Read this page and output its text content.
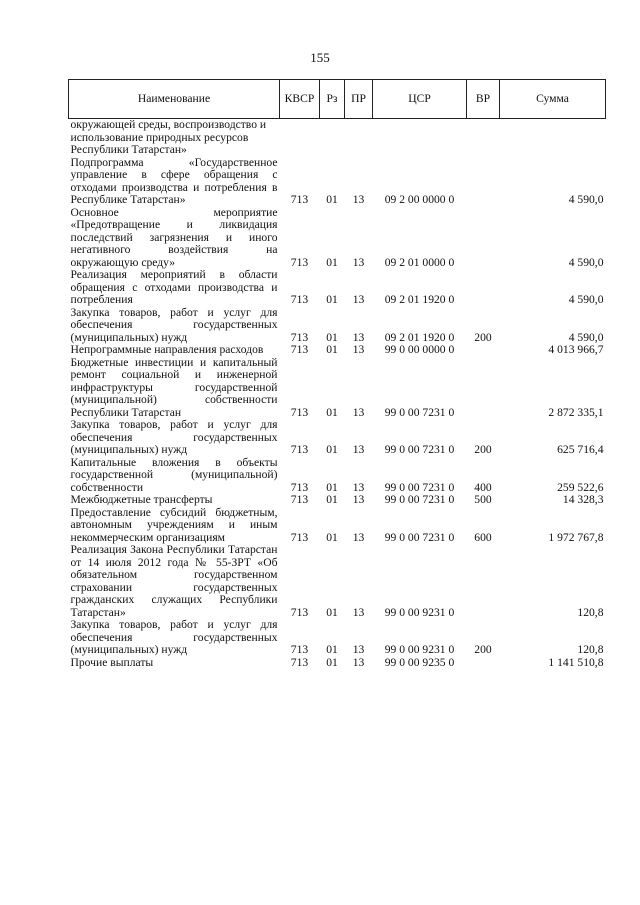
155
Наименование	КВСР	Рз	ПР	ЦСР	ВР	Сумма
окружающей среды, воспроизводство и использование природных ресурсов Республики Татарстан»						
Подпрограмма «Государственное управление в сфере обращения с отходами производства и потребления в Республике Татарстан»	713	01	13	09 2 00 0000 0		4 590,0
Основное мероприятие «Предотвращение и ликвидация последствий загрязнения и иного негативного воздействия на окружающую среду»	713	01	13	09 2 01 0000 0		4 590,0
Реализация мероприятий в области обращения с отходами производства и потребления	713	01	13	09 2 01 1920 0		4 590,0
Закупка товаров, работ и услуг для обеспечения государственных (муниципальных) нужд	713	01	13	09 2 01 1920 0	200	4 590,0
Непрограммные направления расходов	713	01	13	99 0 00 0000 0		4 013 966,7
Бюджетные инвестиции и капитальный ремонт социальной и инженерной инфраструктуры государственной (муниципальной) собственности Республики Татарстан	713	01	13	99 0 00 7231 0		2 872 335,1
Закупка товаров, работ и услуг для обеспечения государственных (муниципальных) нужд	713	01	13	99 0 00 7231 0	200	625 716,4
Капитальные вложения в объекты государственной (муниципальной) собственности	713	01	13	99 0 00 7231 0	400	259 522,6
Межбюджетные трансферты	713	01	13	99 0 00 7231 0	500	14 328,3
Предоставление субсидий бюджетным, автономным учреждениям и иным некоммерческим организациям	713	01	13	99 0 00 7231 0	600	1 972 767,8
Реализация Закона Республики Татарстан от 14 июля 2012 года № 55-ЗРТ «Об обязательном государственном страховании государственных гражданских служащих Республики Татарстан»	713	01	13	99 0 00 9231 0		120,8
Закупка товаров, работ и услуг для обеспечения государственных (муниципальных) нужд	713	01	13	99 0 00 9231 0	200	120,8
Прочие выплаты	713	01	13	99 0 00 9235 0		1 141 510,8
